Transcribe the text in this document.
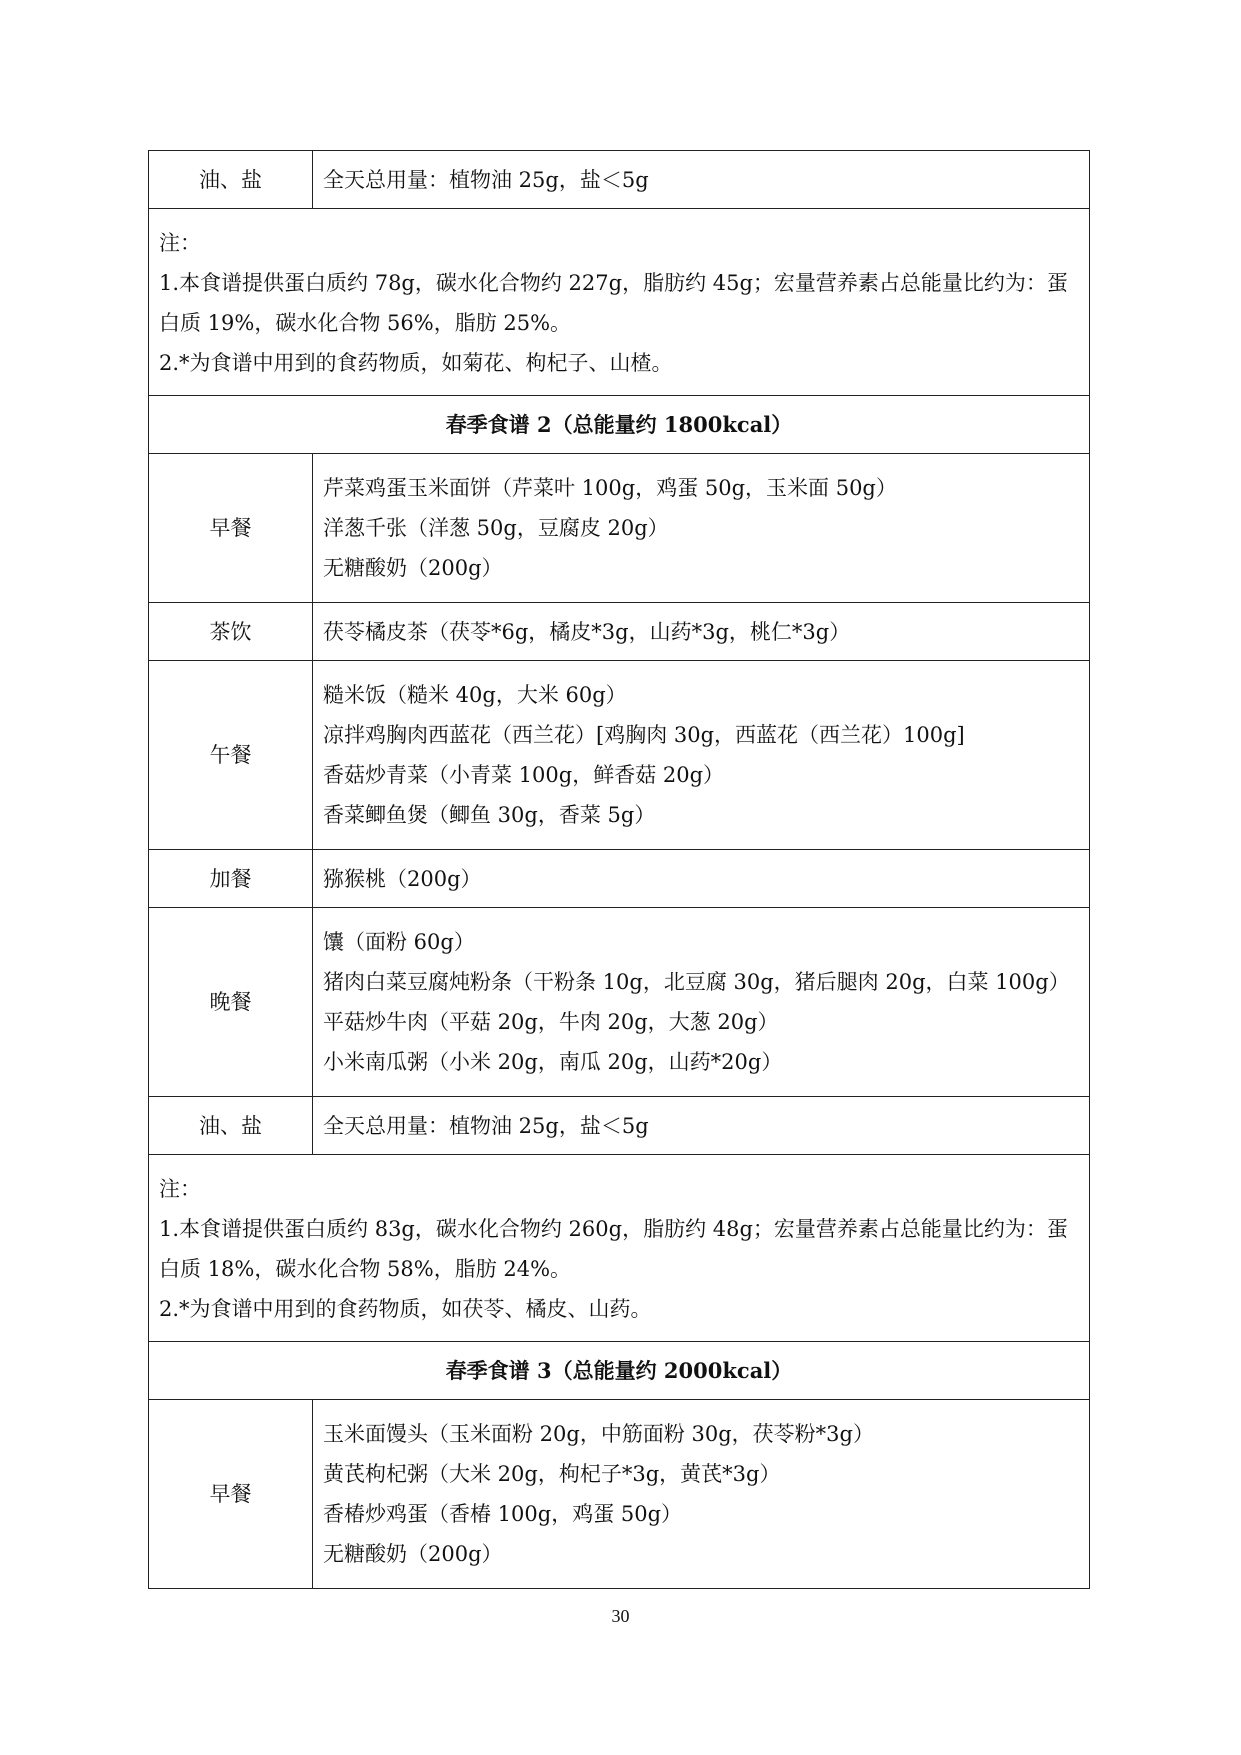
油、盐	全天总用量：植物油 25g，盐＜5g

注：
1.本食谱提供蛋白质约 78g，碳水化合物约 227g，脂肪约 45g；宏量营养素占总能量比约为：蛋白质 19%，碳水化合物 56%，脂肪 25%。
2.*为食谱中用到的食药物质，如菊花、枸杞子、山楂。	

春季食谱 2（总能量约 1800kcal）	
早餐	芹菜鸡蛋玉米面饼（芹菜叶 100g，鸡蛋 50g，玉米面 50g）
洋葱千张（洋葱 50g，豆腐皮 20g）
无糖酸奶（200g）

茶饮	茯苓橘皮茶（茯苓*6g，橘皮*3g，山药*3g，桃仁*3g）
午餐	糙米饭（糙米 40g，大米 60g）
凉拌鸡胸肉西蓝花（西兰花）[鸡胸肉 30g，西蓝花（西兰花）100g]
香菇炒青菜（小青菜 100g，鲜香菇 20g）
香菜鲫鱼煲（鲫鱼 30g，香菜 5g）

加餐	猕猴桃（200g）
晚餐	馕（面粉 60g）
猪肉白菜豆腐炖粉条（干粉条 10g，北豆腐 30g，猪后腿肉 20g，白菜 100g）
平菇炒牛肉（平菇 20g，牛肉 20g，大葱 20g）
小米南瓜粥（小米 20g，南瓜 20g，山药*20g）

油、盐	全天总用量：植物油 25g，盐＜5g

注：
1.本食谱提供蛋白质约 83g，碳水化合物约 260g，脂肪约 48g；宏量营养素占总能量比约为：蛋白质 18%，碳水化合物 58%，脂肪 24%。
2.*为食谱中用到的食药物质，如茯苓、橘皮、山药。	

春季食谱 3（总能量约 2000kcal）	
早餐	玉米面馒头（玉米面粉 20g，中筋面粉 30g，茯苓粉*3g）
黄芪枸杞粥（大米 20g，枸杞子*3g，黄芪*3g）
香椿炒鸡蛋（香椿 100g，鸡蛋 50g）
无糖酸奶（200g）
30
